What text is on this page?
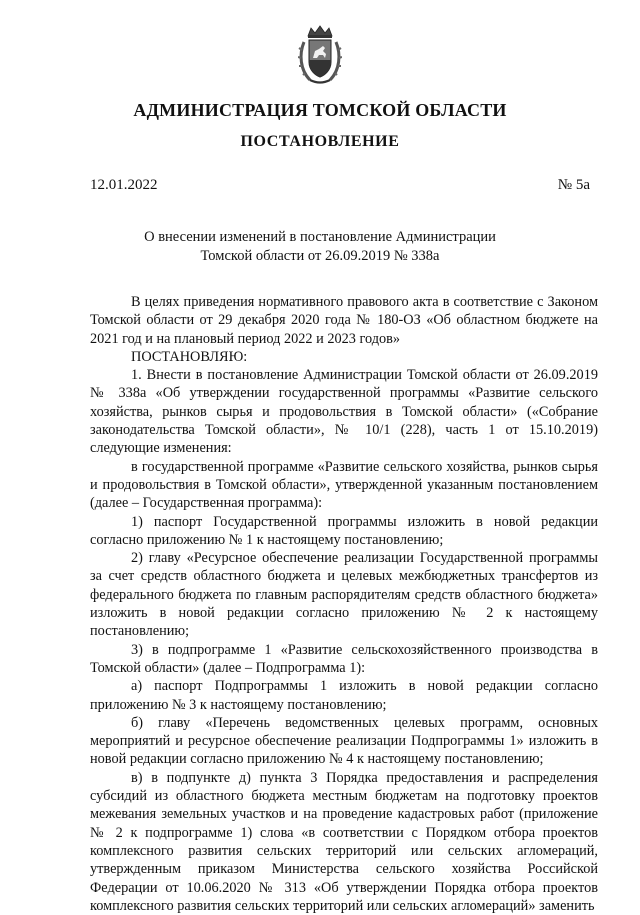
АДМИНИСТРАЦИЯ ТОМСКОЙ ОБЛАСТИ
ПОСТАНОВЛЕНИЕ
12.01.2022	№ 5а
О внесении изменений в постановление Администрации
Томской области от 26.09.2019 № 338а

В целях приведения нормативного правового акта в соответствие с Законом Томской области от 29 декабря 2020 года № 180-ОЗ «Об областном бюджете на 2021 год и на плановый период 2022 и 2023 годов»

ПОСТАНОВЛЯЮ:

1. Внести в постановление Администрации Томской области от 26.09.2019 № 338а «Об утверждении государственной программы «Развитие сельского хозяйства, рынков сырья и продовольствия в Томской области» («Собрание законодательства Томской области», № 10/1 (228), часть 1 от 15.10.2019) следующие изменения:

в государственной программе «Развитие сельского хозяйства, рынков сырья и продовольствия в Томской области», утвержденной указанным постановлением (далее – Государственная программа):

1) паспорт Государственной программы изложить в новой редакции согласно приложению № 1 к настоящему постановлению;

2) главу «Ресурсное обеспечение реализации Государственной программы за счет средств областного бюджета и целевых межбюджетных трансфертов из федерального бюджета по главным распорядителям средств областного бюджета» изложить в новой редакции согласно приложению № 2 к настоящему постановлению;

3) в подпрограмме 1 «Развитие сельскохозяйственного производства в Томской области» (далее – Подпрограмма 1):

а) паспорт Подпрограммы 1 изложить в новой редакции согласно приложению № 3 к настоящему постановлению;

б) главу «Перечень ведомственных целевых программ, основных мероприятий и ресурсное обеспечение реализации Подпрограммы 1» изложить в новой редакции согласно приложению № 4 к настоящему постановлению;

в) в подпункте д) пункта 3 Порядка предоставления и распределения субсидий из областного бюджета местным бюджетам на подготовку проектов межевания земельных участков и на проведение кадастровых работ (приложение № 2 к подпрограмме 1) слова «в соответствии с Порядком отбора проектов комплексного развития сельских территорий или сельских агломераций, утвержденным приказом Министерства сельского хозяйства Российской Федерации от 10.06.2020 № 313 «Об утверждении Порядка отбора проектов комплексного развития сельских территорий или сельских агломераций» заменить
